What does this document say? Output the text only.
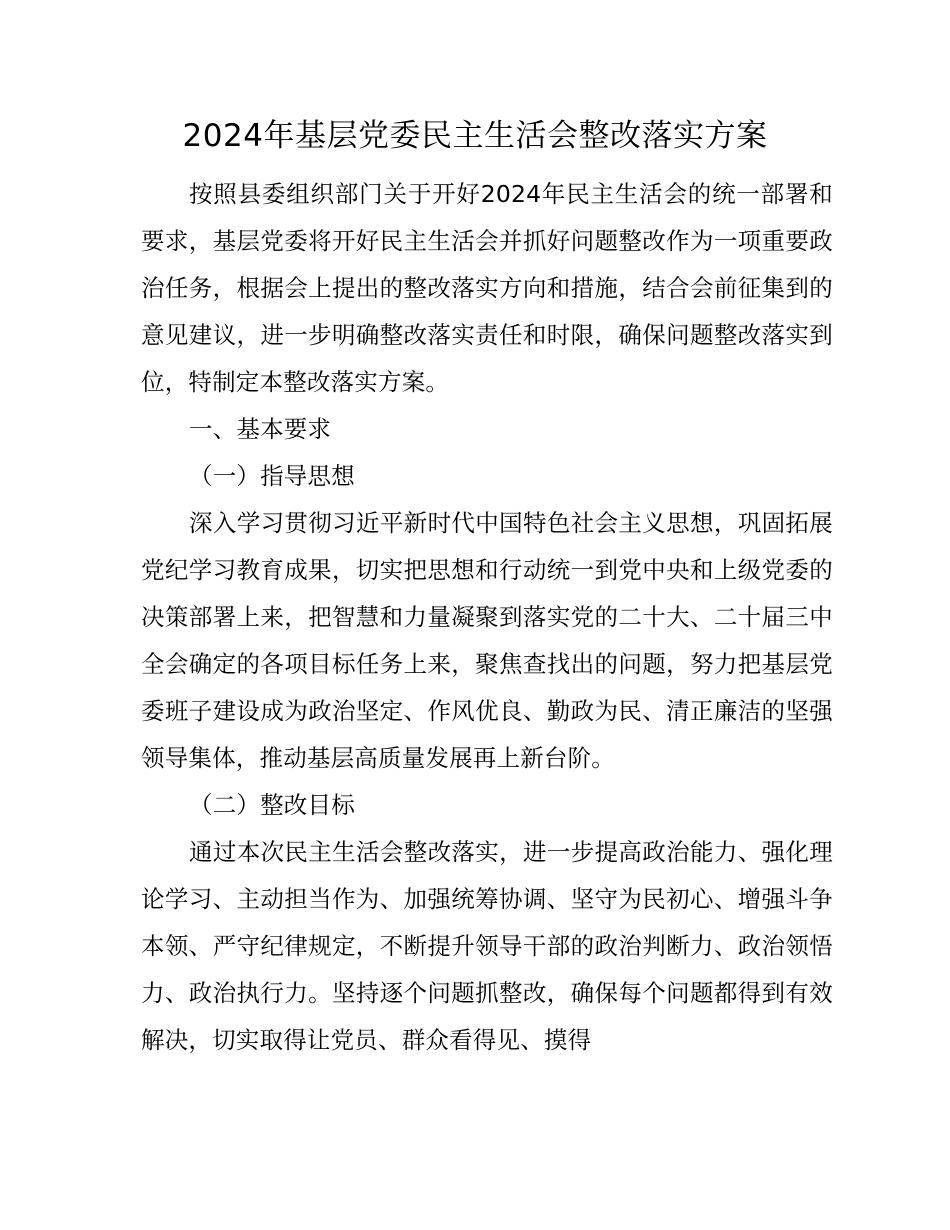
2024年基层党委民主生活会整改落实方案

按照县委组织部门关于开好2024年民主生活会的统一部署和要求，基层党委将开好民主生活会并抓好问题整改作为一项重要政治任务，根据会上提出的整改落实方向和措施，结合会前征集到的意见建议，进一步明确整改落实责任和时限，确保问题整改落实到位，特制定本整改落实方案。

一、基本要求

（一）指导思想

深入学习贯彻习近平新时代中国特色社会主义思想，巩固拓展党纪学习教育成果，切实把思想和行动统一到党中央和上级党委的决策部署上来，把智慧和力量凝聚到落实党的二十大、二十届三中全会确定的各项目标任务上来，聚焦查找出的问题，努力把基层党委班子建设成为政治坚定、作风优良、勤政为民、清正廉洁的坚强领导集体，推动基层高质量发展再上新台阶。

（二）整改目标

通过本次民主生活会整改落实，进一步提高政治能力、强化理论学习、主动担当作为、加强统筹协调、坚守为民初心、增强斗争本领、严守纪律规定，不断提升领导干部的政治判断力、政治领悟力、政治执行力。坚持逐个问题抓整改，确保每个问题都得到有效解决，切实取得让党员、群众看得见、摸得
